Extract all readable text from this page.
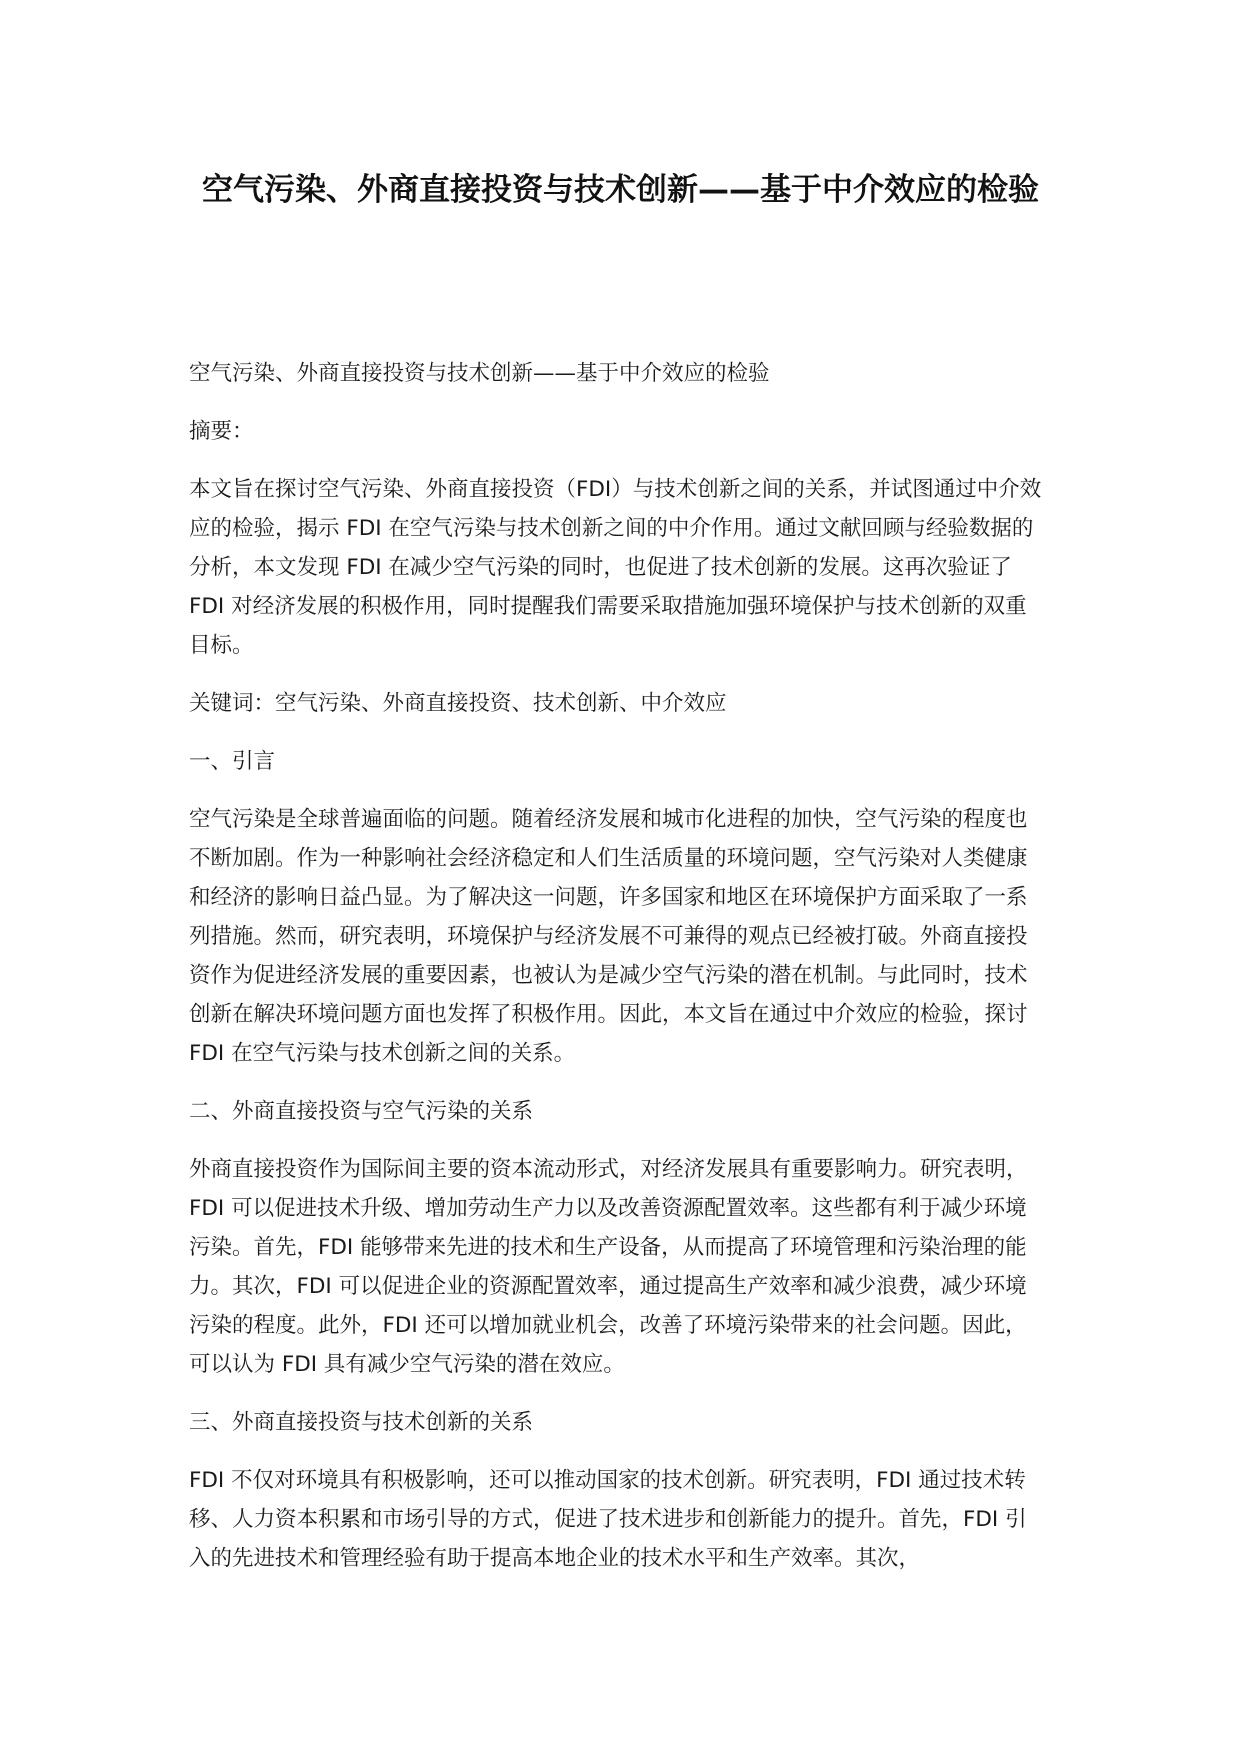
空气污染、外商直接投资与技术创新——基于中介效应的检验

空气污染、外商直接投资与技术创新——基于中介效应的检验

摘要：

本文旨在探讨空气污染、外商直接投资（FDI）与技术创新之间的关系，并试图通过中介效应的检验，揭示 FDI 在空气污染与技术创新之间的中介作用。通过文献回顾与经验数据的分析，本文发现 FDI 在减少空气污染的同时，也促进了技术创新的发展。这再次验证了 FDI 对经济发展的积极作用，同时提醒我们需要采取措施加强环境保护与技术创新的双重目标。

关键词：空气污染、外商直接投资、技术创新、中介效应

一、引言

空气污染是全球普遍面临的问题。随着经济发展和城市化进程的加快，空气污染的程度也不断加剧。作为一种影响社会经济稳定和人们生活质量的环境问题，空气污染对人类健康和经济的影响日益凸显。为了解决这一问题，许多国家和地区在环境保护方面采取了一系列措施。然而，研究表明，环境保护与经济发展不可兼得的观点已经被打破。外商直接投资作为促进经济发展的重要因素，也被认为是减少空气污染的潜在机制。与此同时，技术创新在解决环境问题方面也发挥了积极作用。因此，本文旨在通过中介效应的检验，探讨 FDI 在空气污染与技术创新之间的关系。

二、外商直接投资与空气污染的关系

外商直接投资作为国际间主要的资本流动形式，对经济发展具有重要影响力。研究表明，FDI 可以促进技术升级、增加劳动生产力以及改善资源配置效率。这些都有利于减少环境污染。首先，FDI 能够带来先进的技术和生产设备，从而提高了环境管理和污染治理的能力。其次，FDI 可以促进企业的资源配置效率，通过提高生产效率和减少浪费，减少环境污染的程度。此外，FDI 还可以增加就业机会，改善了环境污染带来的社会问题。因此，可以认为 FDI 具有减少空气污染的潜在效应。

三、外商直接投资与技术创新的关系

FDI 不仅对环境具有积极影响，还可以推动国家的技术创新。研究表明，FDI 通过技术转移、人力资本积累和市场引导的方式，促进了技术进步和创新能力的提升。首先，FDI 引入的先进技术和管理经验有助于提高本地企业的技术水平和生产效率。其次，
